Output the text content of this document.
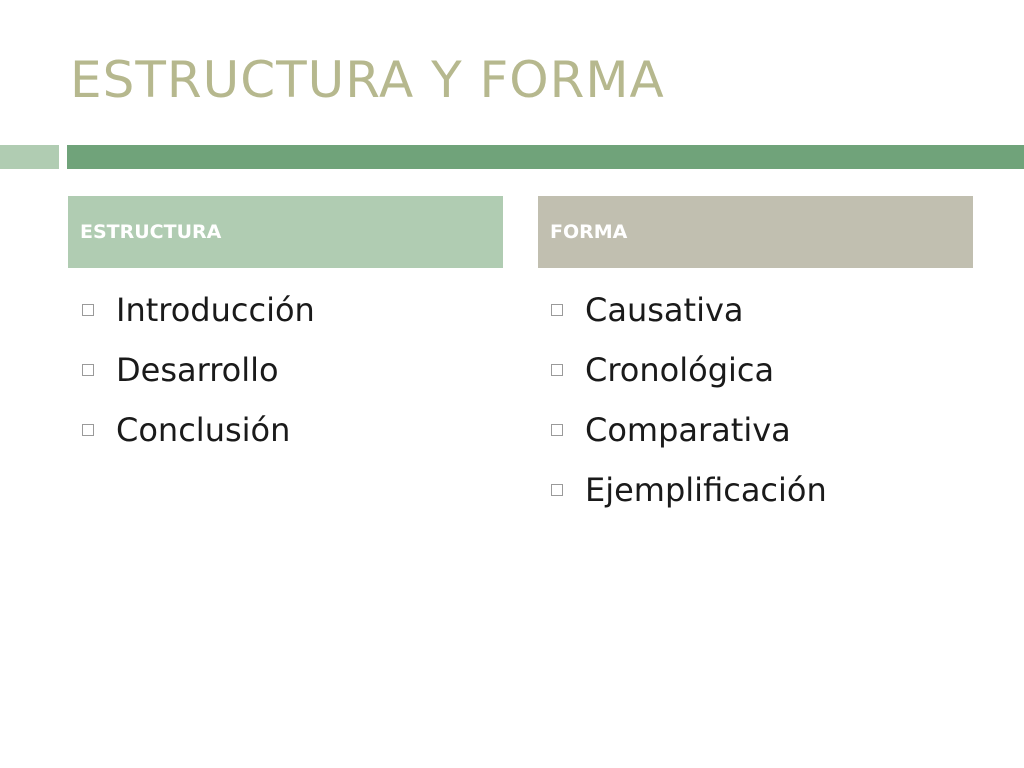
ESTRUCTURA Y FORMA
ESTRUCTURA	FORMA
Introducción
Desarrollo
Conclusión
Causativa
Cronológica
Comparativa
Ejemplificación
